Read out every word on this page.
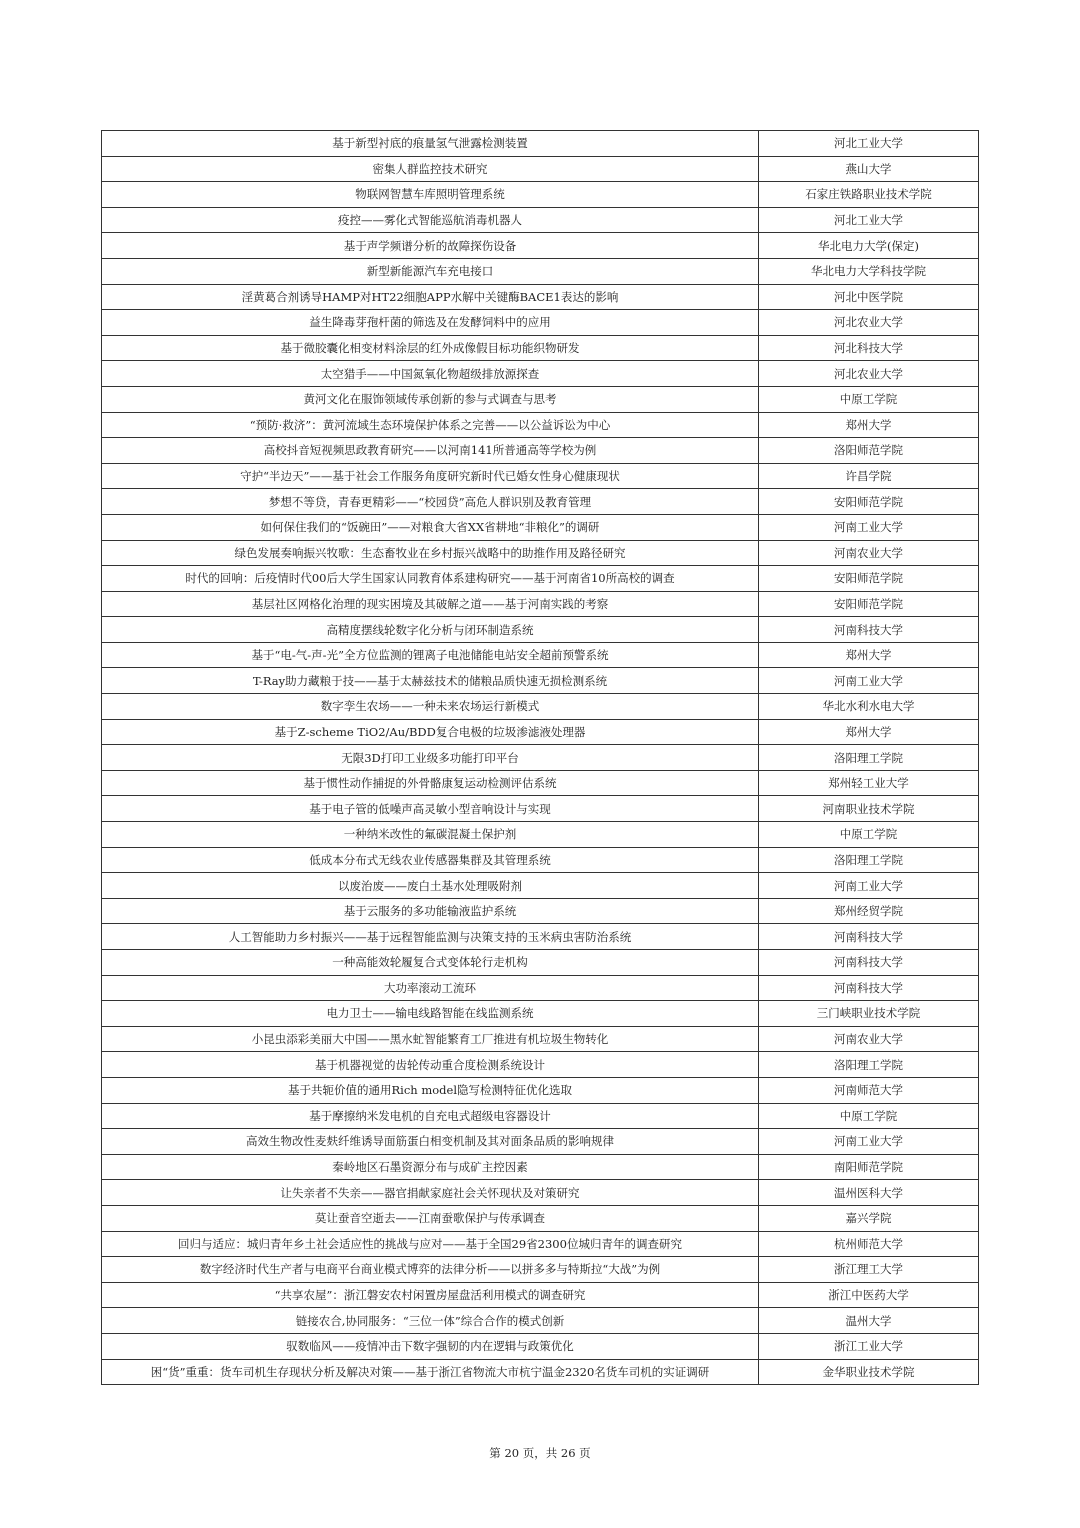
基于新型衬底的痕量氢气泄露检测装置	河北工业大学
密集人群监控技术研究	燕山大学
物联网智慧车库照明管理系统	石家庄铁路职业技术学院
疫控——雾化式智能巡航消毒机器人	河北工业大学
基于声学频谱分析的故障探伤设备	华北电力大学(保定)
新型新能源汽车充电接口	华北电力大学科技学院
淫黄葛合剂诱导HAMP对HT22细胞APP水解中关键酶BACE1表达的影响	河北中医学院
益生降毒芽孢杆菌的筛选及在发酵饲料中的应用	河北农业大学
基于微胶囊化相变材料涂层的红外成像假目标功能织物研发	河北科技大学
太空猎手——中国氮氧化物超级排放源探查	河北农业大学
黄河文化在服饰领域传承创新的参与式调查与思考	中原工学院
“预防·救济”：黄河流域生态环境保护体系之完善——以公益诉讼为中心	郑州大学
高校抖音短视频思政教育研究——以河南141所普通高等学校为例	洛阳师范学院
守护“半边天”——基于社会工作服务角度研究新时代已婚女性身心健康现状	许昌学院
梦想不等贷，青春更精彩——“校园贷”高危人群识别及教育管理	安阳师范学院
如何保住我们的“饭碗田”——对粮食大省XX省耕地“非粮化”的调研	河南工业大学
绿色发展奏响振兴牧歌：生态畜牧业在乡村振兴战略中的助推作用及路径研究	河南农业大学
时代的回响：后疫情时代00后大学生国家认同教育体系建构研究——基于河南省10所高校的调查	安阳师范学院
基层社区网格化治理的现实困境及其破解之道——基于河南实践的考察	安阳师范学院
高精度摆线轮数字化分析与闭环制造系统	河南科技大学
基于“电-气-声-光”全方位监测的锂离子电池储能电站安全超前预警系统	郑州大学
T-Ray助力藏粮于技——基于太赫兹技术的储粮品质快速无损检测系统	河南工业大学
数字孪生农场——一种未来农场运行新模式	华北水利水电大学
基于Z-scheme TiO2/Au/BDD复合电极的垃圾渗滤液处理器	郑州大学
无限3D打印工业级多功能打印平台	洛阳理工学院
基于惯性动作捕捉的外骨骼康复运动检测评估系统	郑州轻工业大学
基于电子管的低噪声高灵敏小型音响设计与实现	河南职业技术学院
一种纳米改性的氟碳混凝土保护剂	中原工学院
低成本分布式无线农业传感器集群及其管理系统	洛阳理工学院
以废治废——废白土基水处理吸附剂	河南工业大学
基于云服务的多功能输液监护系统	郑州经贸学院
人工智能助力乡村振兴——基于远程智能监测与决策支持的玉米病虫害防治系统	河南科技大学
一种高能效轮履复合式变体轮行走机构	河南科技大学
大功率滚动工流环	河南科技大学
电力卫士——输电线路智能在线监测系统	三门峡职业技术学院
小昆虫添彩美丽大中国——黑水虻智能繁育工厂推进有机垃圾生物转化	河南农业大学
基于机器视觉的齿轮传动重合度检测系统设计	洛阳理工学院
基于共轭价值的通用Rich model隐写检测特征优化选取	河南师范大学
基于摩擦纳米发电机的自充电式超级电容器设计	中原工学院
高效生物改性麦麸纤维诱导面筋蛋白相变机制及其对面条品质的影响规律	河南工业大学
秦岭地区石墨资源分布与成矿主控因素	南阳师范学院
让失亲者不失亲——器官捐献家庭社会关怀现状及对策研究	温州医科大学
莫让蚕音空逝去——江南蚕歌保护与传承调查	嘉兴学院
回归与适应：城归青年乡土社会适应性的挑战与应对——基于全国29省2300位城归青年的调查研究	杭州师范大学
数字经济时代生产者与电商平台商业模式博弈的法律分析——以拼多多与特斯拉“大战”为例	浙江理工大学
“共享农屋”：浙江磐安农村闲置房屋盘活利用模式的调查研究	浙江中医药大学
链接农合,协同服务：“三位一体”综合合作的模式创新	温州大学
驭数临风——疫情冲击下数字强韧的内在逻辑与政策优化	浙江工业大学
困“货”重重：货车司机生存现状分析及解决对策——基于浙江省物流大市杭宁温金2320名货车司机的实证调研	金华职业技术学院
第 20 页，共 26 页
